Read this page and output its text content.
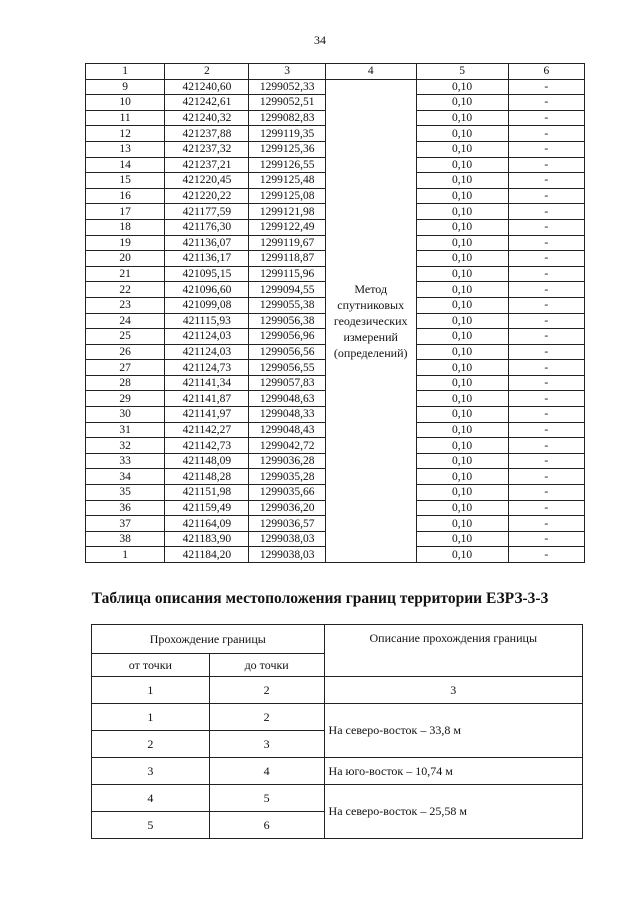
34
1	2	3	4	5	6
9	421240,60	1299052,33	Метод
спутниковых
геодезических
измерений
(определений)	0,10	-
10	421242,61	1299052,51		0,10	-
11	421240,32	1299082,83		0,10	-
12	421237,88	1299119,35		0,10	-
13	421237,32	1299125,36		0,10	-
14	421237,21	1299126,55		0,10	-
15	421220,45	1299125,48		0,10	-
16	421220,22	1299125,08		0,10	-
17	421177,59	1299121,98		0,10	-
18	421176,30	1299122,49		0,10	-
19	421136,07	1299119,67		0,10	-
20	421136,17	1299118,87		0,10	-
21	421095,15	1299115,96		0,10	-
22	421096,60	1299094,55		0,10	-
23	421099,08	1299055,38		0,10	-
24	421115,93	1299056,38		0,10	-
25	421124,03	1299056,96		0,10	-
26	421124,03	1299056,56		0,10	-
27	421124,73	1299056,55		0,10	-
28	421141,34	1299057,83		0,10	-
29	421141,87	1299048,63		0,10	-
30	421141,97	1299048,33		0,10	-
31	421142,27	1299048,43		0,10	-
32	421142,73	1299042,72		0,10	-
33	421148,09	1299036,28		0,10	-
34	421148,28	1299035,28		0,10	-
35	421151,98	1299035,66		0,10	-
36	421159,49	1299036,20		0,10	-
37	421164,09	1299036,57		0,10	-
38	421183,90	1299038,03		0,10	-
1	421184,20	1299038,03		0,10	-
Таблица описания местоположения границ территории ЕЗРЗ-3-3
Прохождение границы		Описание прохождения границы
от точки	до точки	
1	2	3
1	2	На северо-восток – 33,8 м
2	3	
3	4	На юго-восток – 10,74 м
4	5	На северо-восток – 25,58 м
5	6	
